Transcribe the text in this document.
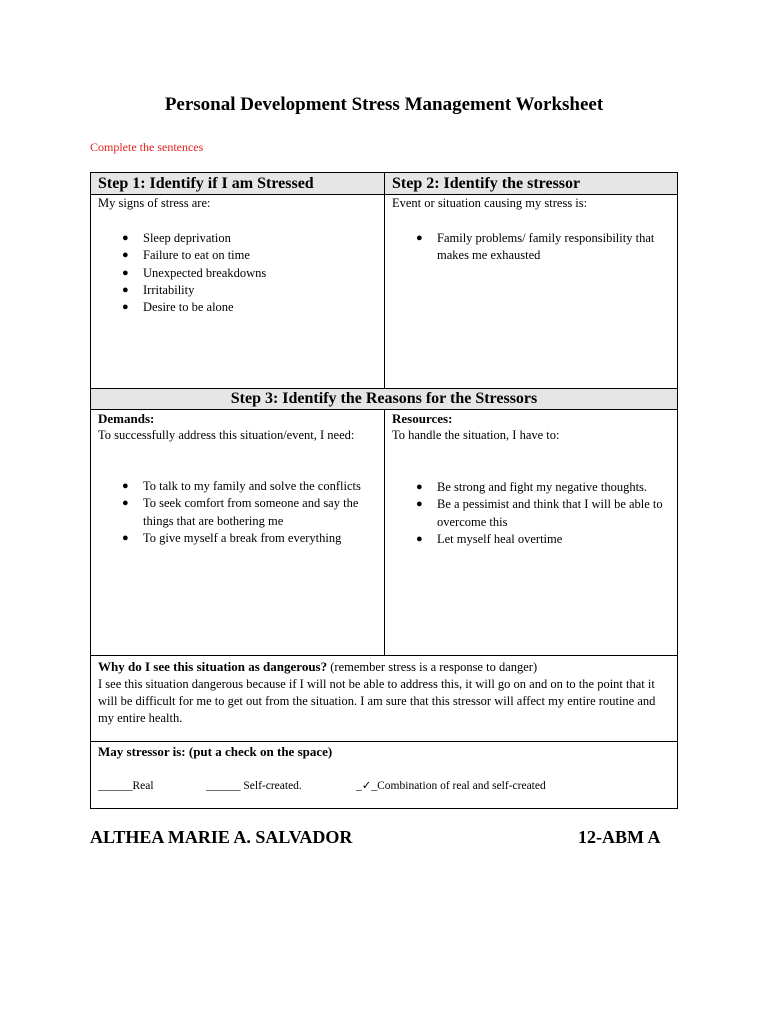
Personal Development Stress Management Worksheet
Complete the sentences
Step 1: Identify if I am Stressed
My signs of stress are:
● Sleep deprivation
● Failure to eat on time
● Unexpected breakdowns
● Irritability
● Desire to be alone
Step 2: Identify the stressor
Event or situation causing my stress is:
● Family problems/ family responsibility that makes me exhausted
Step 3: Identify the Reasons for the Stressors
Demands:
To successfully address this situation/event, I need:
● To talk to my family and solve the conflicts
● To seek comfort from someone and say the things that are bothering me
● To give myself a break from everything
Resources:
To handle the situation, I have to:
● Be strong and fight my negative thoughts.
● Be a pessimist and think that I will be able to overcome this
● Let myself heal overtime
Why do I see this situation as dangerous? (remember stress is a response to danger)
I see this situation dangerous because if I will not be able to address this, it will go on and on to the point that it will be difficult for me to get out from the situation. I am sure that this stressor will affect my entire routine and my entire health.
May stressor is: (put a check on the space)
______Real	______ Self-created.	_✓_Combination of real and self-created
ALTHEA MARIE A. SALVADOR	12-ABM A
